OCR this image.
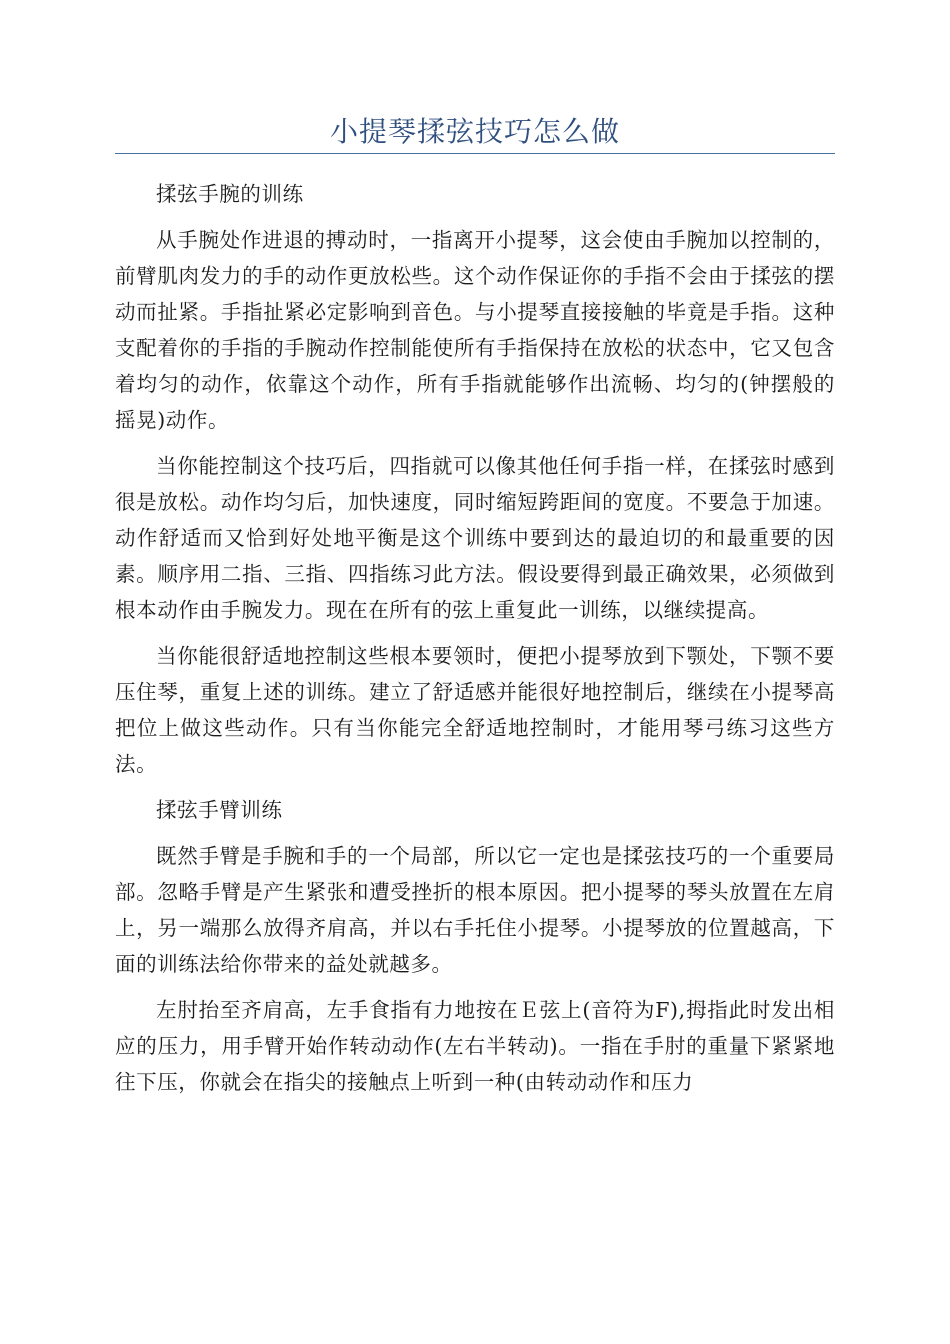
小提琴揉弦技巧怎么做

揉弦手腕的训练

从手腕处作进退的搏动时，一指离开小提琴，这会使由手腕加以控制的，前臂肌肉发力的手的动作更放松些。这个动作保证你的手指不会由于揉弦的摆动而扯紧。手指扯紧必定影响到音色。与小提琴直接接触的毕竟是手指。这种支配着你的手指的手腕动作控制能使所有手指保持在放松的状态中，它又包含着均匀的动作，依靠这个动作，所有手指就能够作出流畅、均匀的(钟摆般的摇晃)动作。

当你能控制这个技巧后，四指就可以像其他任何手指一样，在揉弦时感到很是放松。动作均匀后，加快速度，同时缩短跨距间的宽度。不要急于加速。动作舒适而又恰到好处地平衡是这个训练中要到达的最迫切的和最重要的因素。顺序用二指、三指、四指练习此方法。假设要得到最正确效果，必须做到根本动作由手腕发力。现在在所有的弦上重复此一训练，以继续提高。

当你能很舒适地控制这些根本要领时，便把小提琴放到下颚处，下颚不要压住琴，重复上述的训练。建立了舒适感并能很好地控制后，继续在小提琴高把位上做这些动作。只有当你能完全舒适地控制时，才能用琴弓练习这些方法。

揉弦手臂训练

既然手臂是手腕和手的一个局部，所以它一定也是揉弦技巧的一个重要局部。忽略手臂是产生紧张和遭受挫折的根本原因。把小提琴的琴头放置在左肩上，另一端那么放得齐肩高，并以右手托住小提琴。小提琴放的位置越高，下面的训练法给你带来的益处就越多。

左肘抬至齐肩高，左手食指有力地按在Ｅ弦上(音符为F),拇指此时发出相应的压力，用手臂开始作转动动作(左右半转动)。一指在手肘的重量下紧紧地往下压，你就会在指尖的接触点上听到一种(由转动动作和压力
